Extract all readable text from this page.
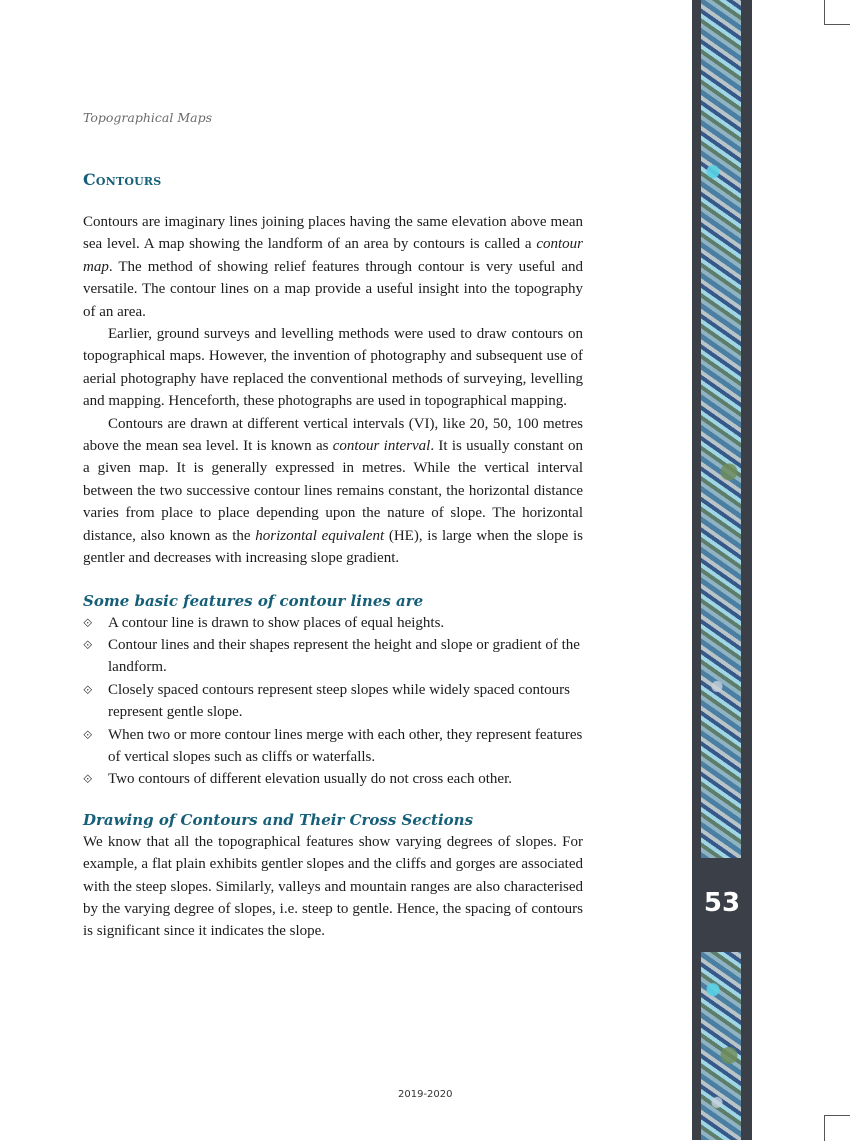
Topographical Maps
Contours

Contours are imaginary lines joining places having the same elevation above mean sea level. A map showing the landform of an area by contours is called a contour map. The method of showing relief features through contour is very useful and versatile. The contour lines on a map provide a useful insight into the topography of an area.

Earlier, ground surveys and levelling methods were used to draw contours on topographical maps. However, the invention of photography and subsequent use of aerial photography have replaced the conventional methods of surveying, levelling and mapping. Henceforth, these photographs are used in topographical mapping.

Contours are drawn at different vertical intervals (VI), like 20, 50, 100 metres above the mean sea level. It is known as contour interval. It is usually constant on a given map. It is generally expressed in metres. While the vertical interval between the two successive contour lines remains constant, the horizontal distance varies from place to place depending upon the nature of slope. The horizontal distance, also known as the horizontal equivalent (HE), is large when the slope is gentler and decreases with increasing slope gradient.

Some basic features of contour lines are
⟐ A contour line is drawn to show places of equal heights.
⟐ Contour lines and their shapes represent the height and slope or gradient of the landform.
⟐ Closely spaced contours represent steep slopes while widely spaced contours represent gentle slope.
⟐ When two or more contour lines merge with each other, they represent features of vertical slopes such as cliffs or waterfalls.
⟐ Two contours of different elevation usually do not cross each other.
Drawing of Contours and Their Cross Sections

We know that all the topographical features show varying degrees of slopes. For example, a flat plain exhibits gentler slopes and the cliffs and gorges are associated with the steep slopes. Similarly, valleys and mountain ranges are also characterised by the varying degree of slopes, i.e. steep to gentle. Hence, the spacing of contours is significant since it indicates the slope.

53
2019-2020
